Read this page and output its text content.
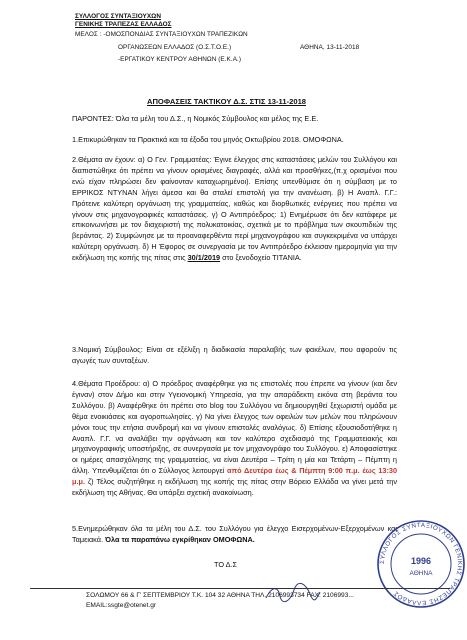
ΣΥΛΛΟΓΟΣ ΣΥΝΤΑΞΙΟΥΧΩΝ
ΓΕΝΙΚΗΣ ΤΡΑΠΕΖΑΣ ΕΛΛΑΔΟΣ
ΜΕΛΟΣ : -ΟΜΟΣΠΟΝΔΙΑΣ ΣΥΝΤΑΞΙΟΥΧΩΝ ΤΡΑΠΕΖΙΚΩΝ
ΟΡΓΑΝΩΣΕΩΝ ΕΛΛΑΔΟΣ (Ο.Σ.Τ.Ο.Ε.)
-ΕΡΓΑΤΙΚΟΥ ΚΕΝΤΡΟΥ ΑΘΗΝΩΝ (Ε.Κ.Α.)
ΑΘΗΝΑ, 13-11-2018
ΑΠΟΦΑΣΕΙΣ ΤΑΚΤΙΚΟΥ Δ.Σ. ΣΤΙΣ 13-11-2018
ΠΑΡΟΝΤΕΣ: Όλα τα μέλη του Δ.Σ., η Νομικός Σύμβουλος και μέλος της Ε.Ε.
1.Επικυρώθηκαν τα Πρακτικά και τα έξοδα του μηνός Οκτωβρίου 2018. ΟΜΟΦΩΝΑ.
2.Θέματα αν έχουν: α) Ο Γεν. Γραμματέας: Έγινε έλεγχος στις καταστάσεις μελών του Συλλόγου και διαπιστώθηκε ότι πρέπει να γίνουν ορισμένες διαγραφές, αλλά και προσθήκες,(π.χ ορισμένοι που ενώ είχαν πληρώσει δεν φαίνονταν καταχωρημένοι). Επίσης υπενθύμισε ότι η σύμβαση με το ΕΡΡΙΚΟΣ ΝΤΥΝΑΝ λήγει άμεσα και θα σταλεί επιστολή για την ανανέωση. β) Η Αναπλ. Γ.Γ.: Πρότεινε καλύτερη οργάνωση της γραμματείας, καθώς και διορθωτικές ενέργειες που πρέπει να γίνουν στις μηχανογραφικές καταστάσεις. γ) Ο Αντιπρόεδρος: 1) Ενημέρωσε ότι δεν κατάφερε με επικοινωνήσει με τον διαχειριστή της πολυκατοικίας, σχετικά με το πρόβλημα των σκουπιδιών της βεράντας. 2) Συμφώνησε με τα προαναφερθέντα περί μηχανογράφου και συγκεκριμένα να υπάρχει καλύτερη οργάνωση. δ) Η Έφορος σε συνεργασία με τον Αντιπρόεδρο έκλεισαν ημερομηνία για την εκδήλωση της κοπής της πίτας στις 30/1/2019 στο ξενοδοχείο ΤΙΤΑΝΙΑ.
3.Νομική Σύμβουλος: Είναι σε εξέλιξη η διαδικασία παραλαβής των φακέλων, που αφορούν τις αγωγές των συνταξέων.
4.Θέματα Προέδρου: α) Ο πρόεδρος αναφέρθηκε για τις επιστολές που έπρεπε να γίνουν (και δεν έγιναν) στον Δήμο και στην Υγειονομική Υπηρεσία, για την απαράδεκτη εικόνα στη βεράντα του Συλλόγου. β) Αναφέρθηκε ότι πρέπει στο blog του Συλλόγου να δημιουργηθεί ξεχωριστή ομάδα με θέμα ενοικιάσεις και αγοροπωλησίες. γ) Να γίνει έλεγχος των οφειλών των μελών που πληρώνουν μόνοι τους την ετήσια συνδρομή και να γίνουν επιστολές αναλόγως. δ) Επίσης εξουσιοδοτήθηκε η Αναπλ. Γ.Γ. να αναλάβει την οργάνωση και τον καλύτερο σχεδιασμό της Γραμματειακής και μηχανογραφικής υποστήριξης, σε συνεργασία με τον μηχανογράφο του Συλλόγου. ε) Αποφασίστηκε οι ημέρες απασχόλησης της γραμματείας, να είναι Δευτέρα – Τρίτη η μία και Τετάρτη – Πέμπτη η άλλη. Υπενθυμίζεται ότι ο Σύλλογος λειτουργεί από Δευτέρα έως & Πέμπτη 9:00 π.μ. έως 13:30 μ.μ. ζ) Τέλος συζητήθηκε η εκδήλωση της κοπής της πίτας στην Βόρειο Ελλάδα να γίνει μετά την εκδήλωση της Αθήνας. Θα υπάρξει σχετική ανακοίνωση.
5.Ενημερώθηκαν όλα τα μέλη του Δ.Σ. του Συλλόγου για έλεγχο Εισερχομένων-Εξερχομένων και Ταμειακά. Όλα τα παραπάνω εγκρίθηκαν ΟΜΟΦΩΝΑ.
ΤΟ Δ.Σ	ΣΥΛΛΟΓΟΣ ΣΥΝΤΑΞΙΟΥΧΩΝ ΓΕΝΙΚΗΣ ΤΡΑΠΕΖΗΣ ΕΛΛΑΔΟΣ
1996
ΑΘΗΝΑ
ΣΟΛΩΜΟΥ 66 & Γ' ΣΕΠΤΕΜΒΡΙΟΥ Τ.Κ. 104 32 ΑΘΗΝΑ ΤΗΛ. 2106993734 FAX: 2106993...
EMAIL:ssgte@otenet.gr
